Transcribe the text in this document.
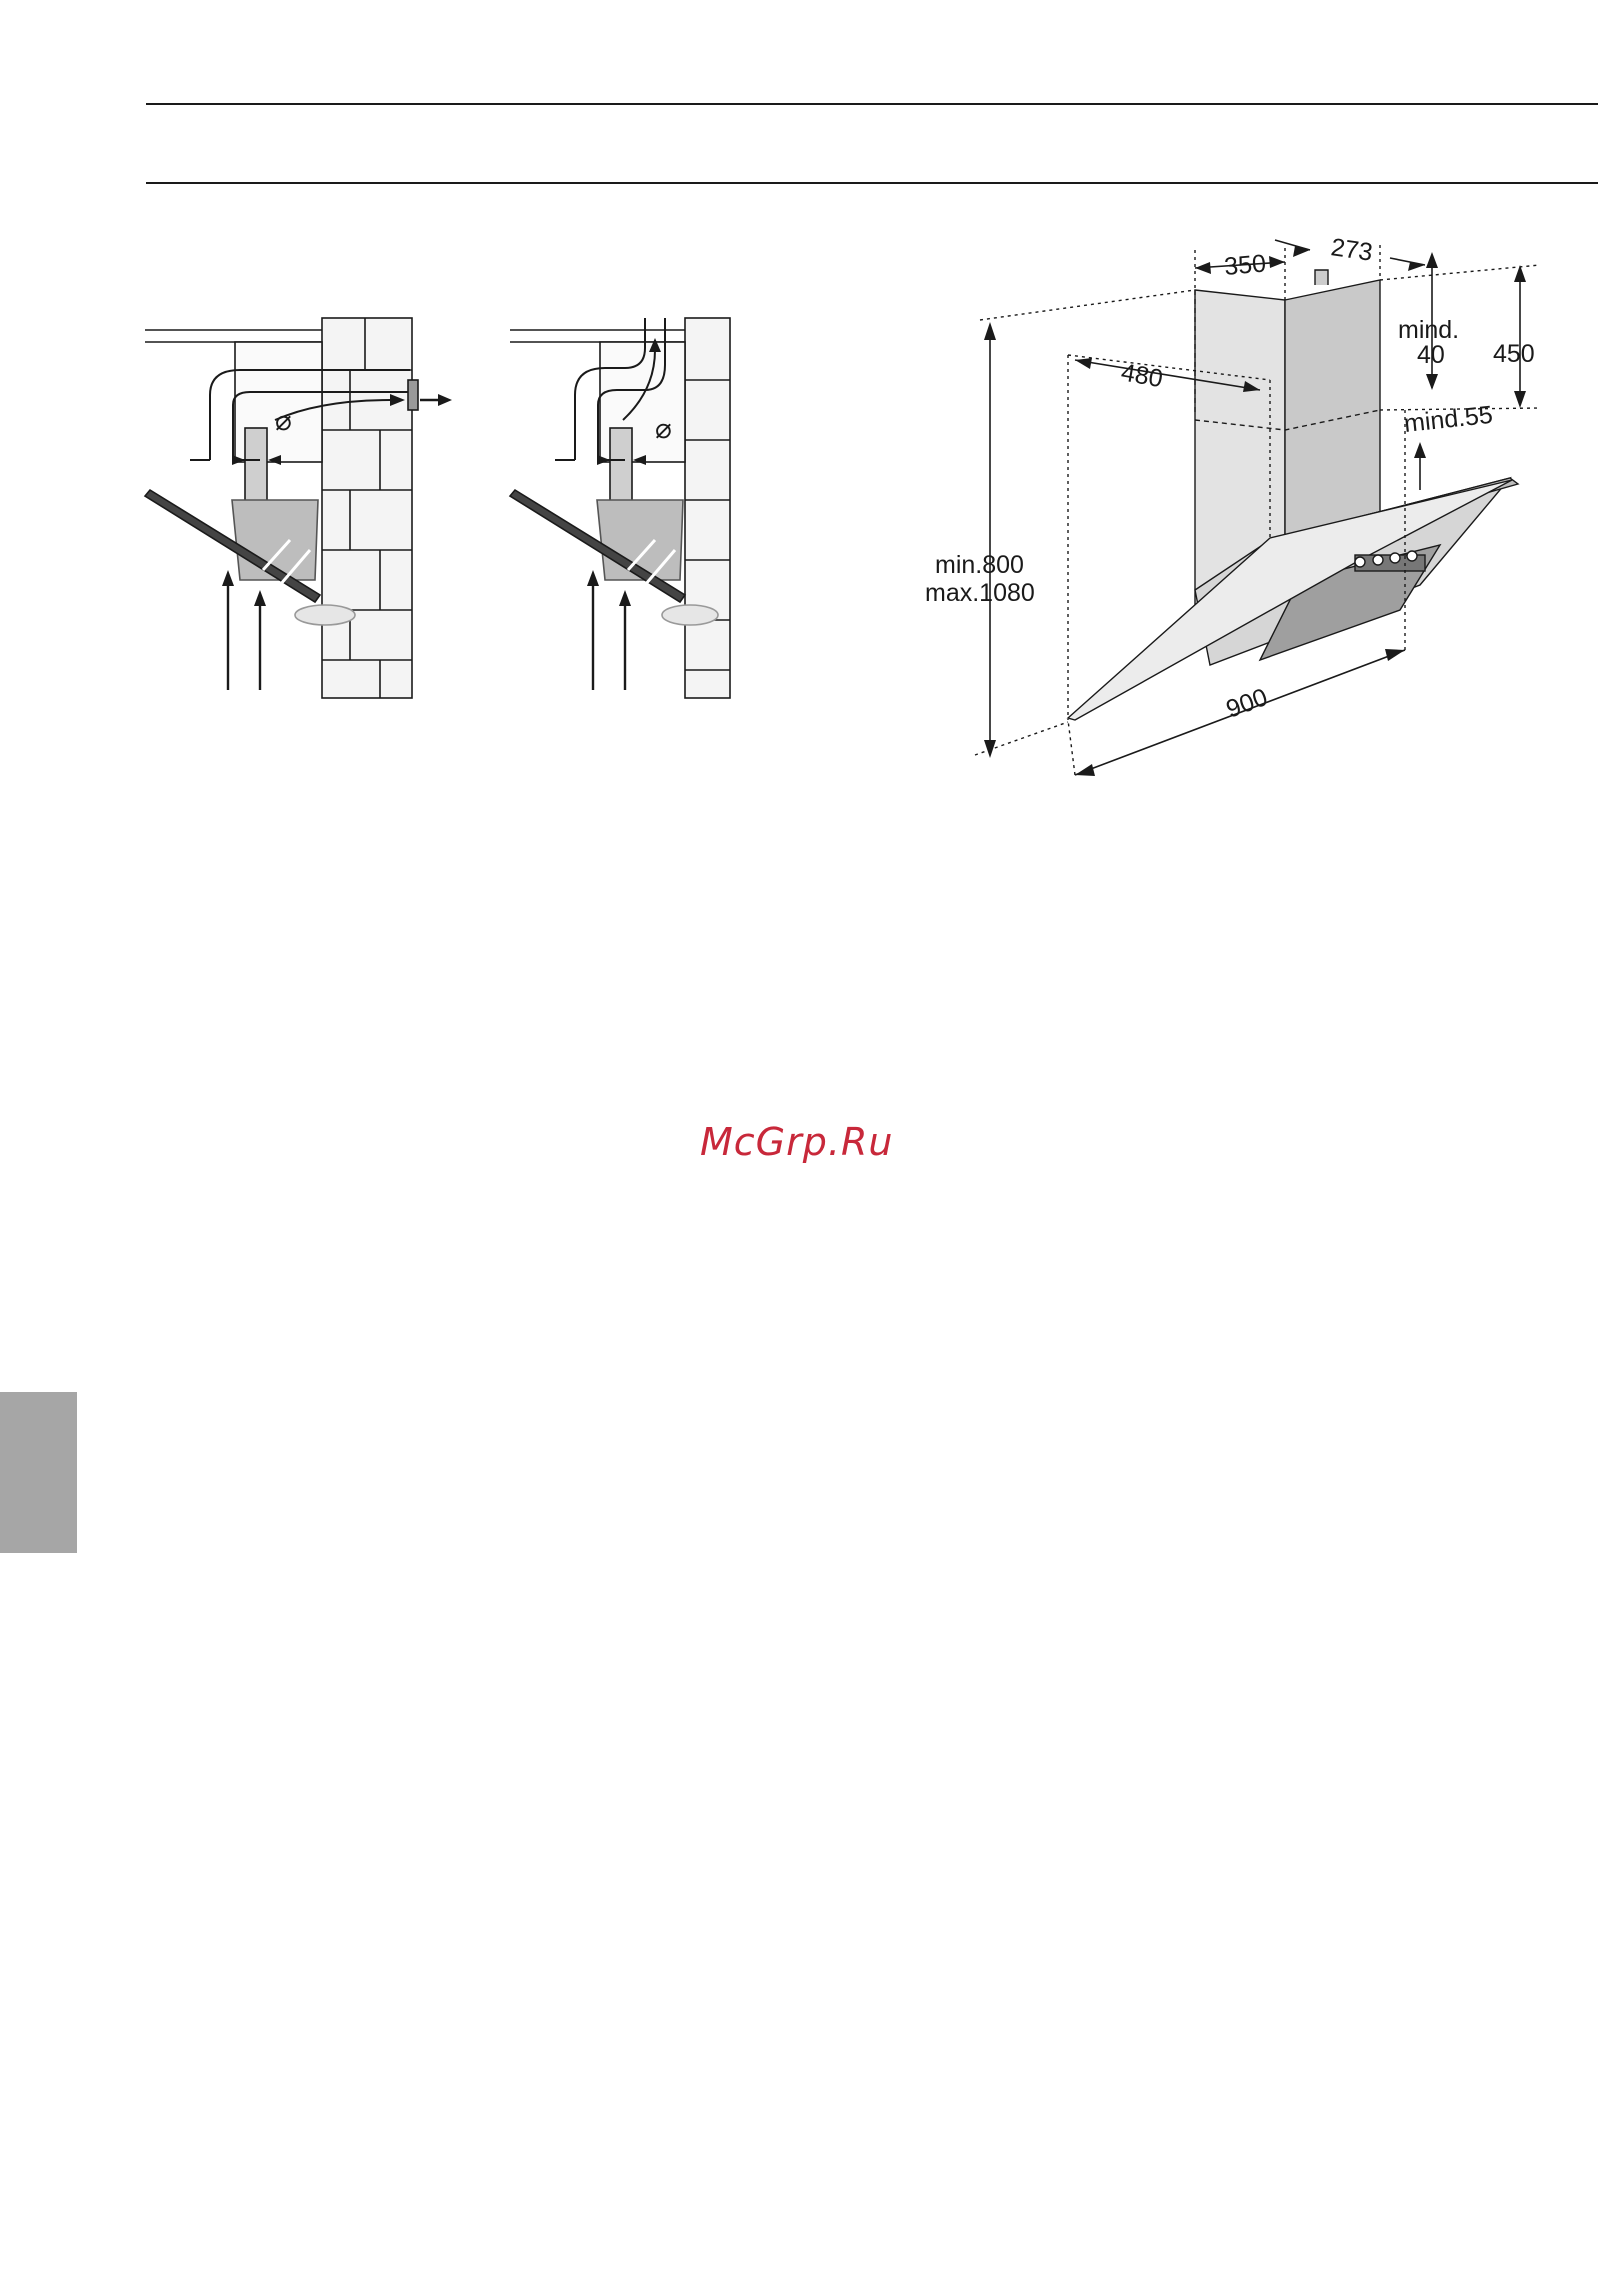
⌀	⌀
350 273
mind.
40 450
480
mind.55
min.800
max.1080
900
McGrp.Ru
